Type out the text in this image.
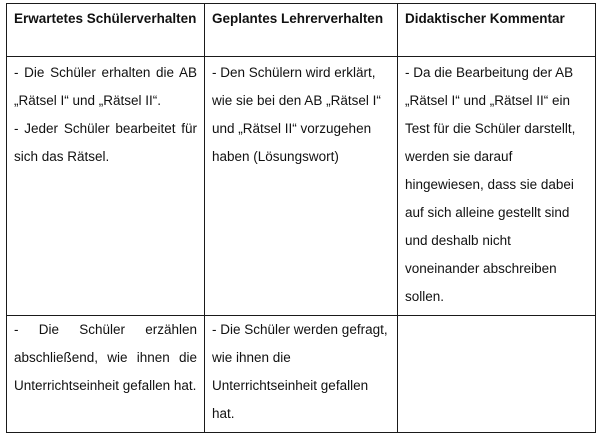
Erwartetes Schülerverhalten	Geplantes Lehrerverhalten	Didaktischer Kommentar

- Die Schüler erhalten die AB „Rätsel I“ und „Rätsel II“.
- Jeder Schüler bearbeitet für sich das Rätsel.	- Den Schülern wird erklärt, wie sie bei den AB „Rätsel I“ und „Rätsel II“ vorzugehen haben (Lösungswort)	- Da die Bearbeitung der AB „Rätsel I“ und „Rätsel II“ ein Test für die Schüler darstellt, werden sie darauf hingewiesen, dass sie dabei auf sich alleine gestellt sind und deshalb nicht voneinander abschreiben sollen.

- Die Schüler erzählen abschließend, wie ihnen die Unterrichtseinheit gefallen hat.	- Die Schüler werden gefragt, wie ihnen die Unterrichtseinheit gefallen hat.	
